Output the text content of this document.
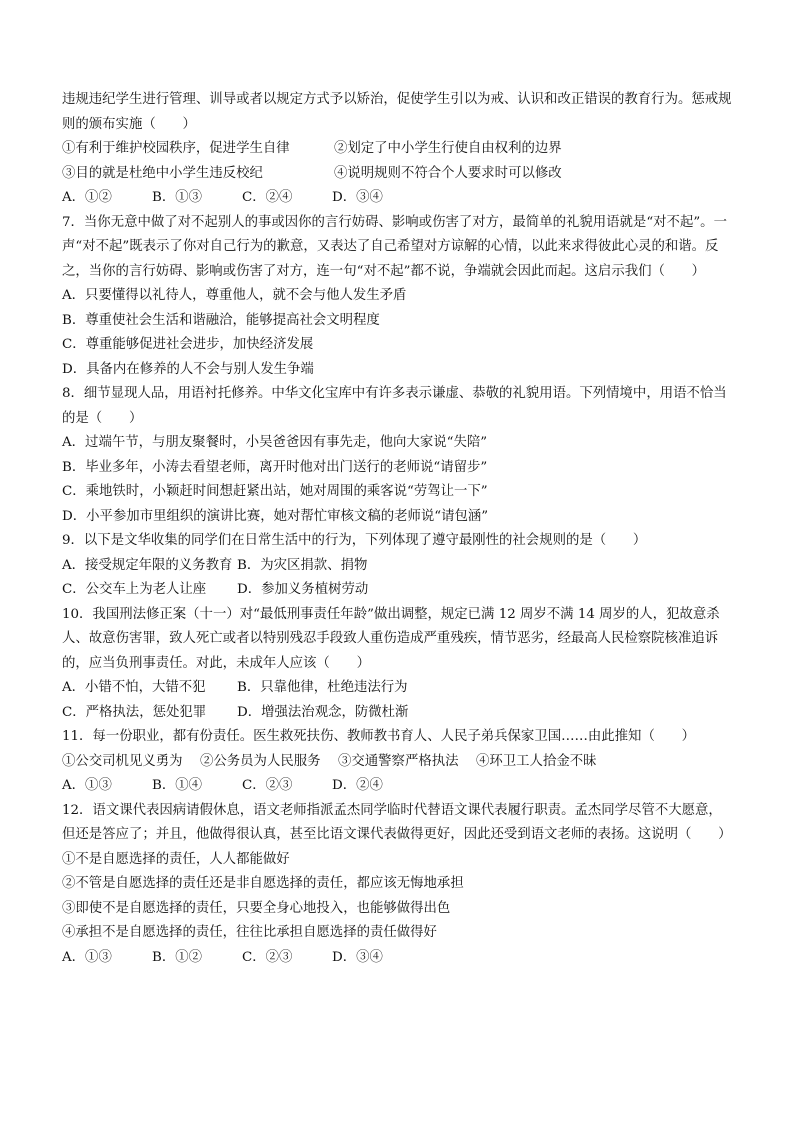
违规违纪学生进行管理、训导或者以规定方式予以矫治，促使学生引以为戒、认识和改正错误的教育行为。惩戒规则的颁布实施（　　）

①有利于维护校园秩序，促进学生自律	②划定了中小学生行使自由权利的边界
③目的就是杜绝中小学生违反校纪	④说明规则不符合个人要求时可以修改
A．①②	B．①③	C．②④	D．③④

7．当你无意中做了对不起别人的事或因你的言行妨碍、影响或伤害了对方，最简单的礼貌用语就是“对不起”。一声“对不起”既表示了你对自己行为的歉意，又表达了自己希望对方谅解的心情，以此来求得彼此心灵的和谐。反之，当你的言行妨碍、影响或伤害了对方，连一句“对不起”都不说，争端就会因此而起。这启示我们（　　）

A．只要懂得以礼待人，尊重他人，就不会与他人发生矛盾

B．尊重使社会生活和谐融洽，能够提高社会文明程度

C．尊重能够促进社会进步，加快经济发展

D．具备内在修养的人不会与别人发生争端

8．细节显现人品，用语衬托修养。中华文化宝库中有许多表示谦虚、恭敬的礼貌用语。下列情境中，用语不恰当的是（　　）

A．过端午节，与朋友聚餐时，小吴爸爸因有事先走，他向大家说“失陪”

B．毕业多年，小涛去看望老师，离开时他对出门送行的老师说“请留步”

C．乘地铁时，小颖赶时间想赶紧出站，她对周围的乘客说“劳驾让一下”

D．小平参加市里组织的演讲比赛，她对帮忙审核文稿的老师说“请包涵”

9．以下是文华收集的同学们在日常生活中的行为，下列体现了遵守最刚性的社会规则的是（　　）

A．接受规定年限的义务教育 B．为灾区捐款、捐物
C．公交车上为老人让座	D．参加义务植树劳动

10．我国刑法修正案（十一）对“最低刑事责任年龄”做出调整，规定已满 12 周岁不满 14 周岁的人，犯故意杀人、故意伤害罪，致人死亡或者以特别残忍手段致人重伤造成严重残疾，情节恶劣，经最高人民检察院核准追诉的，应当负刑事责任。对此，未成年人应该（　　）

A．小错不怕，大错不犯	B．只靠他律，杜绝违法行为
C．严格执法，惩处犯罪	D．增强法治观念，防微杜渐

11．每一份职业，都有份责任。医生救死扶伤、教师教书育人、人民子弟兵保家卫国……由此推知（　　）

①公交司机见义勇为	②公务员为人民服务	③交通警察严格执法	④环卫工人拾金不昧
A．①③	B．①④	C．②③	D．②④

12．语文课代表因病请假休息，语文老师指派孟杰同学临时代替语文课代表履行职责。孟杰同学尽管不大愿意，但还是答应了；并且，他做得很认真，甚至比语文课代表做得更好，因此还受到语文老师的表扬。这说明（　　）

①不是自愿选择的责任，人人都能做好

②不管是自愿选择的责任还是非自愿选择的责任，都应该无悔地承担

③即使不是自愿选择的责任，只要全身心地投入，也能够做得出色

④承担不是自愿选择的责任，往往比承担自愿选择的责任做得好

A．①③	B．①②	C．②③	D．③④
